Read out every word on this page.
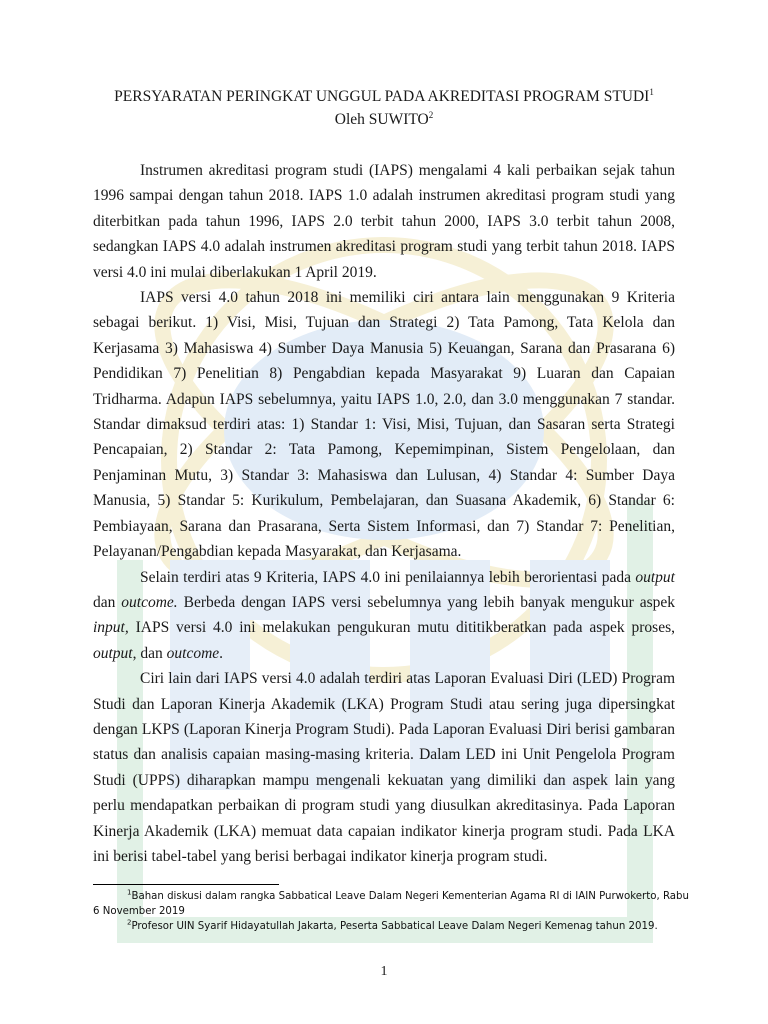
PERSYARATAN PERINGKAT UNGGUL PADA AKREDITASI PROGRAM STUDI$^1$
Oleh SUWITO$^2$

Instrumen akreditasi program studi (IAPS) mengalami 4 kali perbaikan sejak tahun 1996 sampai dengan tahun 2018. IAPS 1.0 adalah instrumen akreditasi program studi yang diterbitkan pada tahun 1996, IAPS 2.0 terbit tahun 2000, IAPS 3.0 terbit tahun 2008, sedangkan IAPS 4.0 adalah instrumen akreditasi program studi yang terbit tahun 2018. IAPS versi 4.0 ini mulai diberlakukan 1 April 2019.

IAPS versi 4.0 tahun 2018 ini memiliki ciri antara lain menggunakan 9 Kriteria sebagai berikut. 1) Visi, Misi, Tujuan dan Strategi 2) Tata Pamong, Tata Kelola dan Kerjasama 3) Mahasiswa 4) Sumber Daya Manusia 5) Keuangan, Sarana dan Prasarana 6) Pendidikan 7) Penelitian 8) Pengabdian kepada Masyarakat 9) Luaran dan Capaian Tridharma. Adapun IAPS sebelumnya, yaitu IAPS 1.0, 2.0, dan 3.0 menggunakan 7 standar. Standar dimaksud terdiri atas: 1) Standar 1: Visi, Misi, Tujuan, dan Sasaran serta Strategi Pencapaian, 2) Standar 2: Tata Pamong, Kepemimpinan, Sistem Pengelolaan, dan Penjaminan Mutu, 3) Standar 3: Mahasiswa dan Lulusan, 4) Standar 4: Sumber Daya Manusia, 5) Standar 5: Kurikulum, Pembelajaran, dan Suasana Akademik, 6) Standar 6: Pembiayaan, Sarana dan Prasarana, Serta Sistem Informasi, dan 7) Standar 7: Penelitian, Pelayanan/Pengabdian kepada Masyarakat, dan Kerjasama.

Selain terdiri atas 9 Kriteria, IAPS 4.0 ini penilaiannya lebih berorientasi pada output dan outcome. Berbeda dengan IAPS versi sebelumnya yang lebih banyak mengukur aspek input, IAPS versi 4.0 ini melakukan pengukuran mutu dititikberatkan pada aspek proses, output, dan outcome.

Ciri lain dari IAPS versi 4.0 adalah terdiri atas Laporan Evaluasi Diri (LED) Program Studi dan Laporan Kinerja Akademik (LKA) Program Studi atau sering juga dipersingkat dengan LKPS (Laporan Kinerja Program Studi). Pada Laporan Evaluasi Diri berisi gambaran status dan analisis capaian masing-masing kriteria. Dalam LED ini Unit Pengelola Program Studi (UPPS) diharapkan mampu mengenali kekuatan yang dimiliki dan aspek lain yang perlu mendapatkan perbaikan di program studi yang diusulkan akreditasinya. Pada Laporan Kinerja Akademik (LKA) memuat data capaian indikator kinerja program studi. Pada LKA ini berisi tabel-tabel yang berisi berbagai indikator kinerja program studi.

$^1$Bahan diskusi dalam rangka Sabbatical Leave Dalam Negeri Kementerian Agama RI di IAIN Purwokerto, Rabu 6 November 2019

$^2$Profesor UIN Syarif Hidayatullah Jakarta, Peserta Sabbatical Leave Dalam Negeri Kemenag tahun 2019.

1
